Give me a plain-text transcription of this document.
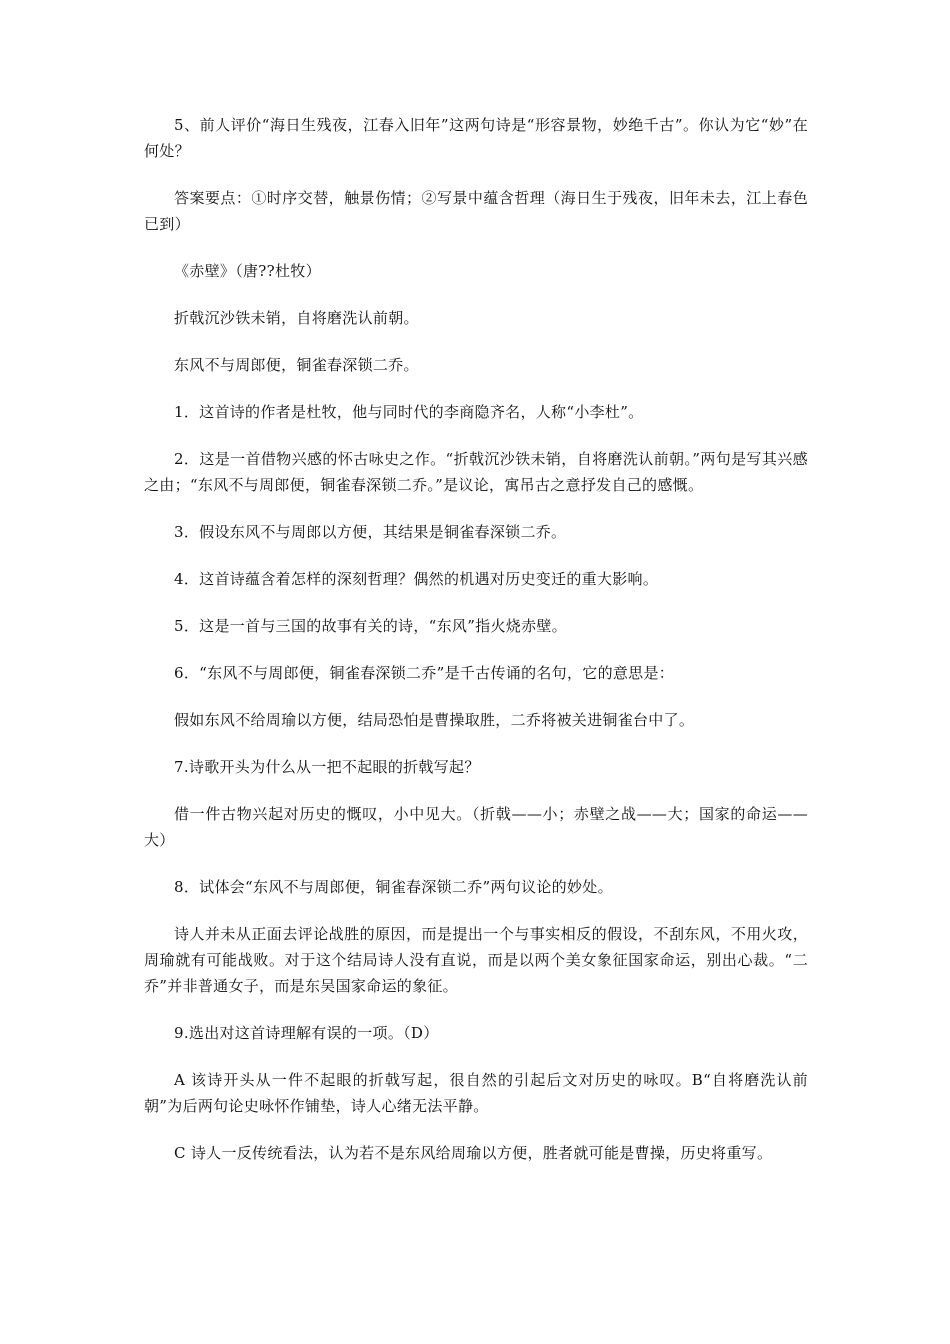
5、前人评价“海日生残夜，江春入旧年”这两句诗是“形容景物，妙绝千古”。你认为它“妙”在何处？

答案要点：①时序交替，触景伤情；②写景中蕴含哲理（海日生于残夜，旧年未去，江上春色已到）

《赤壁》（唐??杜牧）

折戟沉沙铁未销，自将磨洗认前朝。

东风不与周郎便，铜雀春深锁二乔。

1．这首诗的作者是杜牧，他与同时代的李商隐齐名，人称“小李杜”。

2．这是一首借物兴感的怀古咏史之作。“折戟沉沙铁未销，自将磨洗认前朝。”两句是写其兴感之由；“东风不与周郎便，铜雀春深锁二乔。”是议论，寓吊古之意抒发自己的感慨。

3．假设东风不与周郎以方便，其结果是铜雀春深锁二乔。

4．这首诗蕴含着怎样的深刻哲理？偶然的机遇对历史变迁的重大影响。

5．这是一首与三国的故事有关的诗，“东风”指火烧赤壁。

6．“东风不与周郎便，铜雀春深锁二乔”是千古传诵的名句，它的意思是：

假如东风不给周瑜以方便，结局恐怕是曹操取胜，二乔将被关进铜雀台中了。

7.诗歌开头为什么从一把不起眼的折戟写起？

借一件古物兴起对历史的慨叹，小中见大。（折戟——小；赤壁之战——大；国家的命运——大）

8．试体会“东风不与周郎便，铜雀春深锁二乔”两句议论的妙处。

诗人并未从正面去评论战胜的原因，而是提出一个与事实相反的假设，不刮东风，不用火攻，周瑜就有可能战败。对于这个结局诗人没有直说，而是以两个美女象征国家命运，别出心裁。“二乔”并非普通女子，而是东吴国家命运的象征。

9.选出对这首诗理解有误的一项。（D）

A 该诗开头从一件不起眼的折戟写起，很自然的引起后文对历史的咏叹。B“自将磨洗认前朝”为后两句论史咏怀作铺垫，诗人心绪无法平静。

C 诗人一反传统看法，认为若不是东风给周瑜以方便，胜者就可能是曹操，历史将重写。
